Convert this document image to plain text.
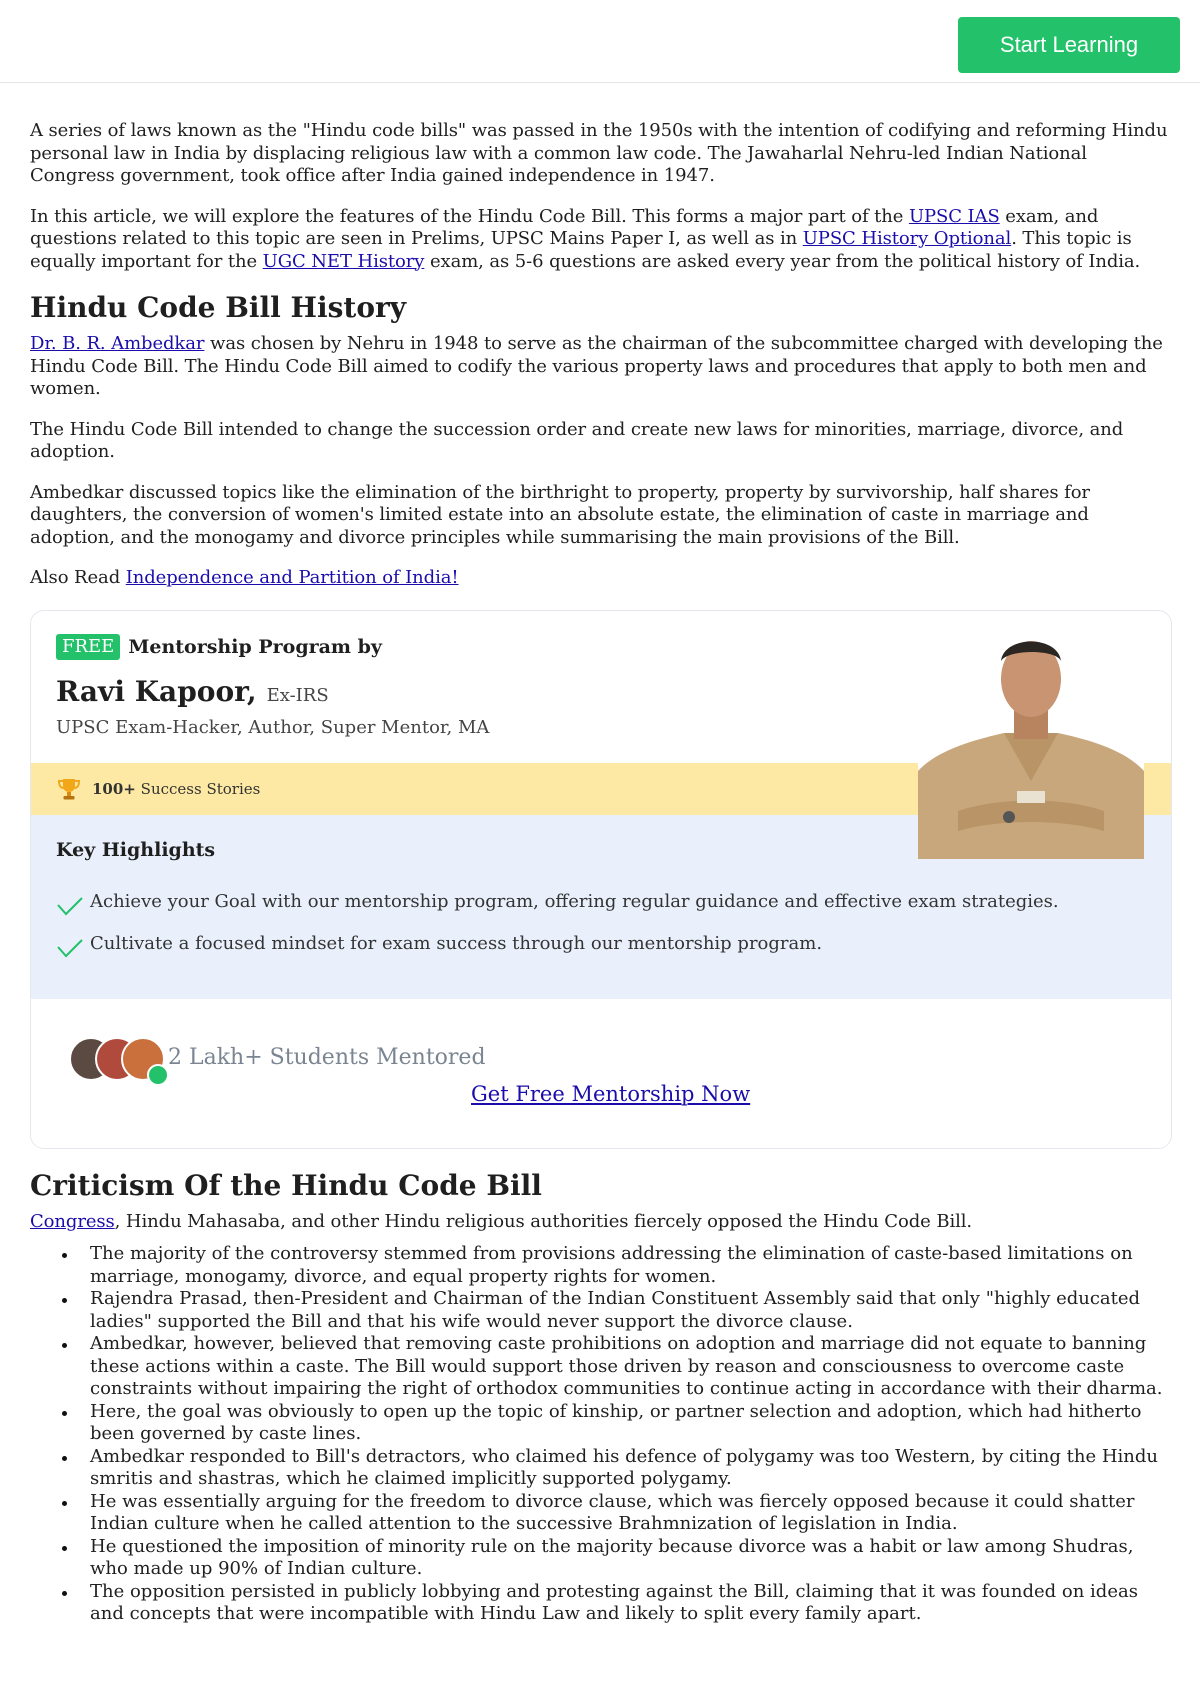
Start Learning

A series of laws known as the "Hindu code bills" was passed in the 1950s with the intention of codifying and reforming Hindu personal law in India by displacing religious law with a common law code. The Jawaharlal Nehru-led Indian National Congress government, took office after India gained independence in 1947.

In this article, we will explore the features of the Hindu Code Bill. This forms a major part of the UPSC IAS exam, and questions related to this topic are seen in Prelims, UPSC Mains Paper I, as well as in UPSC History Optional. This topic is equally important for the UGC NET History exam, as 5-6 questions are asked every year from the political history of India.

Hindu Code Bill History

Dr. B. R. Ambedkar was chosen by Nehru in 1948 to serve as the chairman of the subcommittee charged with developing the Hindu Code Bill. The Hindu Code Bill aimed to codify the various property laws and procedures that apply to both men and women.

The Hindu Code Bill intended to change the succession order and create new laws for minorities, marriage, divorce, and adoption.

Ambedkar discussed topics like the elimination of the birthright to property, property by survivorship, half shares for daughters, the conversion of women's limited estate into an absolute estate, the elimination of caste in marriage and adoption, and the monogamy and divorce principles while summarising the main provisions of the Bill.

Also Read Independence and Partition of India!

FREE Mentorship Program by
Ravi Kapoor, Ex-IRS
UPSC Exam-Hacker, Author, Super Mentor, MA
100+ Success Stories
Key Highlights
Achieve your Goal with our mentorship program, offering regular guidance and effective exam strategies.
Cultivate a focused mindset for exam success through our mentorship program.
2 Lakh+ Students Mentored
Get Free Mentorship Now
Criticism Of the Hindu Code Bill

Congress, Hindu Mahasaba, and other Hindu religious authorities fiercely opposed the Hindu Code Bill.

The majority of the controversy stemmed from provisions addressing the elimination of caste-based limitations on marriage, monogamy, divorce, and equal property rights for women.
Rajendra Prasad, then-President and Chairman of the Indian Constituent Assembly said that only "highly educated ladies" supported the Bill and that his wife would never support the divorce clause.
Ambedkar, however, believed that removing caste prohibitions on adoption and marriage did not equate to banning these actions within a caste. The Bill would support those driven by reason and consciousness to overcome caste constraints without impairing the right of orthodox communities to continue acting in accordance with their dharma.
Here, the goal was obviously to open up the topic of kinship, or partner selection and adoption, which had hitherto been governed by caste lines.
Ambedkar responded to Bill's detractors, who claimed his defence of polygamy was too Western, by citing the Hindu smritis and shastras, which he claimed implicitly supported polygamy.
He was essentially arguing for the freedom to divorce clause, which was fiercely opposed because it could shatter Indian culture when he called attention to the successive Brahmnization of legislation in India.
He questioned the imposition of minority rule on the majority because divorce was a habit or law among Shudras, who made up 90% of Indian culture.
The opposition persisted in publicly lobbying and protesting against the Bill, claiming that it was founded on ideas and concepts that were incompatible with Hindu Law and likely to split every family apart.
